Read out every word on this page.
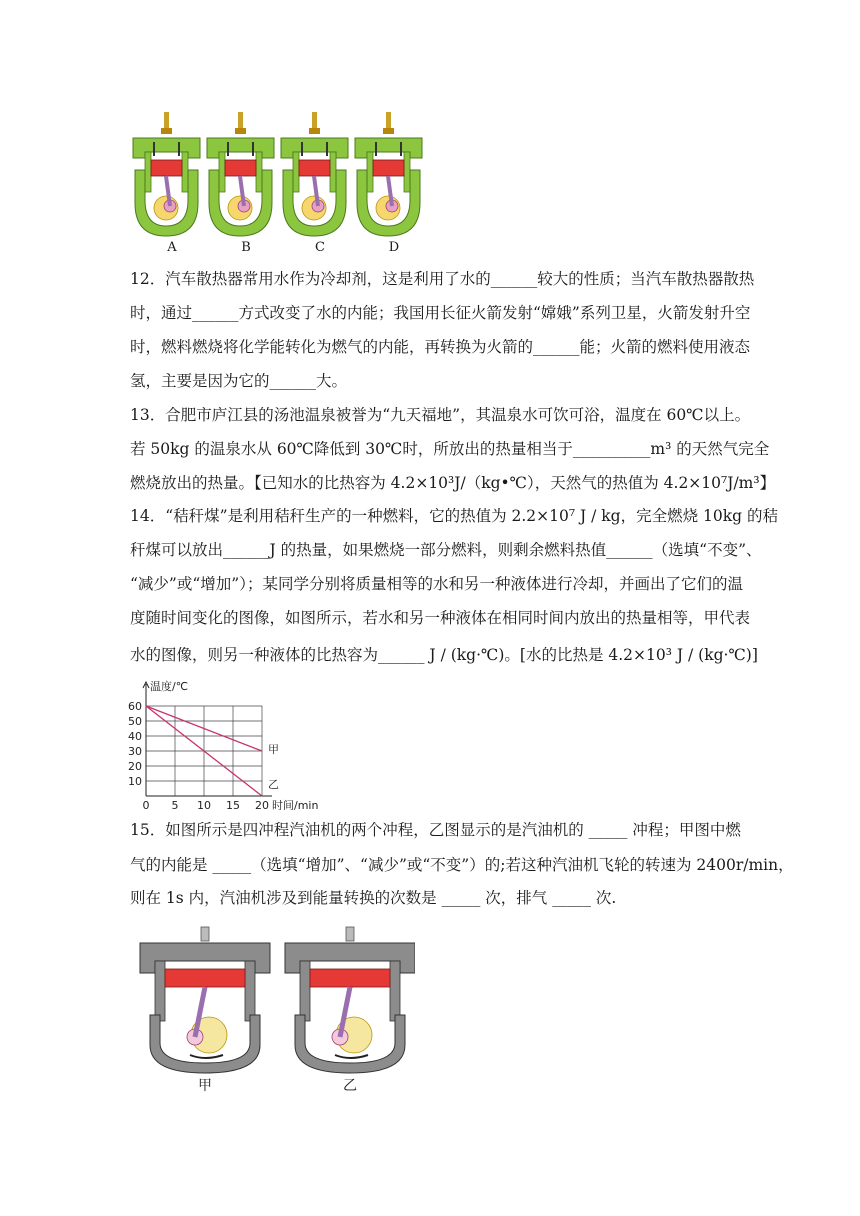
A	B	C	D
12．汽车散热器常用水作为冷却剂，这是利用了水的______较大的性质；当汽车散热器散热
时，通过______方式改变了水的内能；我国用长征火箭发射“嫦娥”系列卫星，火箭发射升空
时，燃料燃烧将化学能转化为燃气的内能，再转换为火箭的______能；火箭的燃料使用液态
氢，主要是因为它的______大。
13．合肥市庐江县的汤池温泉被誉为“九天福地”，其温泉水可饮可浴，温度在 60℃以上。
若 50kg 的温泉水从 60℃降低到 30℃时，所放出的热量相当于__________m³ 的天然气完全
燃烧放出的热量。【已知水的比热容为 4.2×10³J/（kg•℃），天然气的热值为 4.2×10⁷J/m³】
14．“秸秆煤”是利用秸秆生产的一种燃料，它的热值为 2.2×10⁷ J / kg，完全燃烧 10kg 的秸
秆煤可以放出______J 的热量，如果燃烧一部分燃料，则剩余燃料热值______（选填“不变”、
“减少”或“增加”）；某同学分别将质量相等的水和另一种液体进行冷却，并画出了它们的温
度随时间变化的图像，如图所示，若水和另一种液体在相同时间内放出的热量相等，甲代表
水的图像，则另一种液体的比热容为______ J / (kg·℃)。[水的比热是 4.2×10³ J / (kg·℃)]
0 5 10 15 20
10
20
30
40
50
60
温度/℃
时间/min
甲
乙
15．如图所示是四冲程汽油机的两个冲程，乙图显示的是汽油机的 _____ 冲程；甲图中燃
气的内能是 _____（选填“增加”、“减少”或“不变”）的;若这种汽油机飞轮的转速为 2400r/min，
则在 1s 内，汽油机涉及到能量转换的次数是 _____ 次，排气 _____ 次.
甲	乙
